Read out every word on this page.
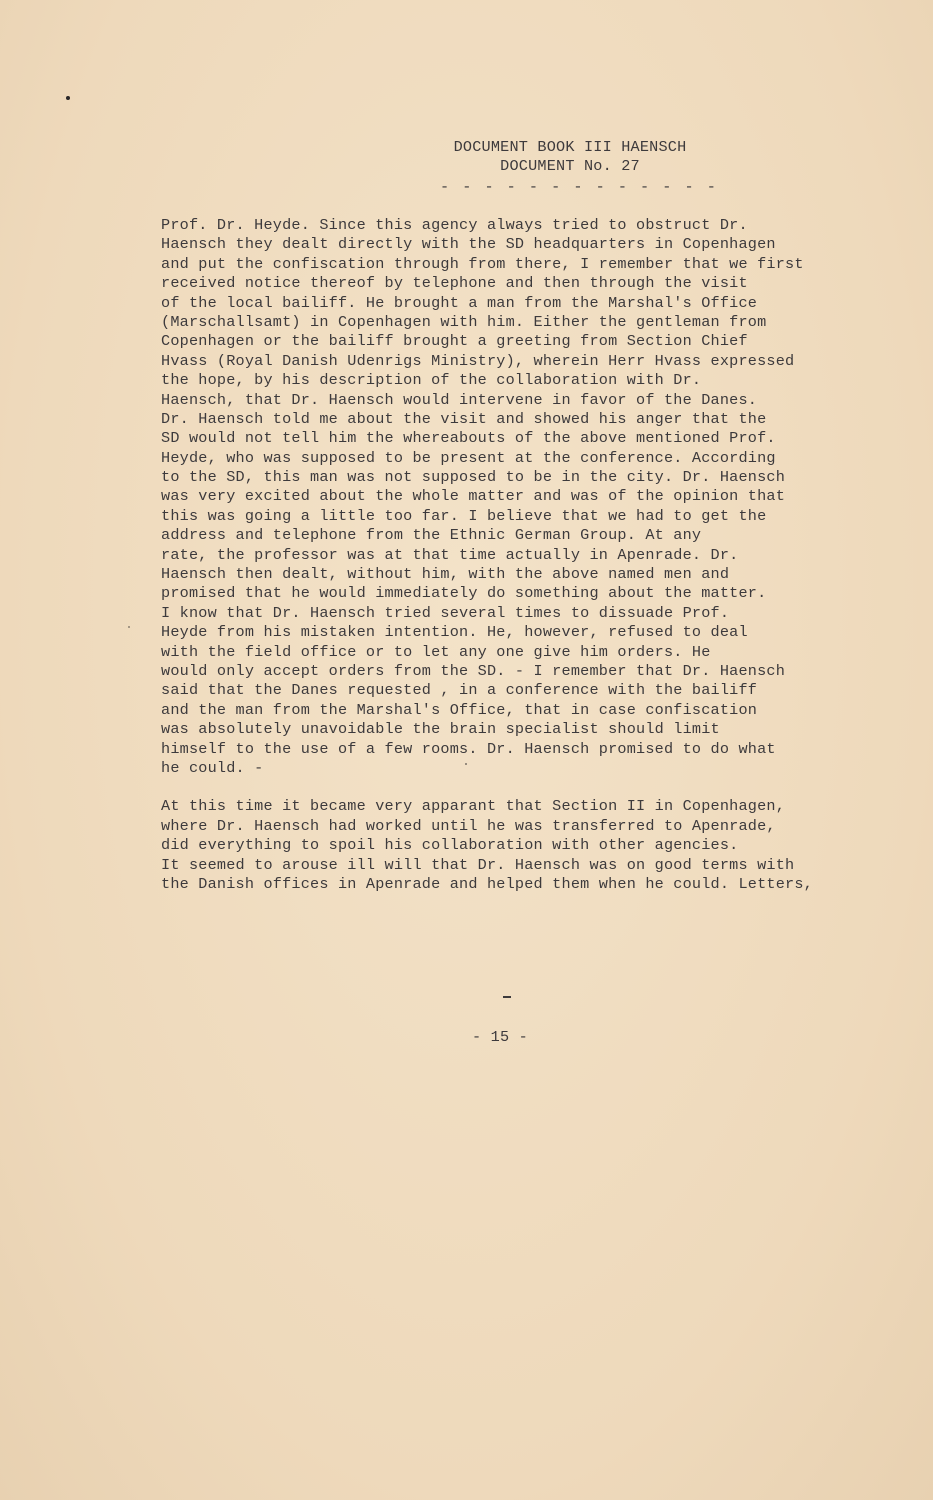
DOCUMENT BOOK III HAENSCH
DOCUMENT No. 27
- - - - - - - - - - - - -
Prof. Dr. Heyde. Since this agency always tried to obstruct Dr.
Haensch they dealt directly with the SD headquarters in Copenhagen
and put the confiscation through from there, I remember that we first
received notice thereof by telephone and then through the visit
of the local bailiff. He brought a man from the Marshal's Office
(Marschallsamt) in Copenhagen with him. Either the gentleman from
Copenhagen or the bailiff brought a greeting from Section Chief
Hvass (Royal Danish Udenrigs Ministry), wherein Herr Hvass expressed
the hope, by his description of the collaboration with Dr.
Haensch, that Dr. Haensch would intervene in favor of the Danes.
Dr. Haensch told me about the visit and showed his anger that the
SD would not tell him the whereabouts of the above mentioned Prof.
Heyde, who was supposed to be present at the conference. According
to the SD, this man was not supposed to be in the city. Dr. Haensch
was very excited about the whole matter and was of the opinion that
this was going a little too far. I believe that we had to get the
address and telephone from the Ethnic German Group. At any
rate, the professor was at that time actually in Apenrade. Dr.
Haensch then dealt, without him, with the above named men and
promised that he would immediately do something about the matter.
I know that Dr. Haensch tried several times to dissuade Prof.
Heyde from his mistaken intention. He, however, refused to deal
with the field office or to let any one give him orders. He
would only accept orders from the SD. - I remember that Dr. Haensch
said that the Danes requested , in a conference with the bailiff
and the man from the Marshal's Office, that in case confiscation
was absolutely unavoidable the brain specialist should limit
himself to the use of a few rooms. Dr. Haensch promised to do what
he could. -
At this time it became very apparant that Section II in Copenhagen,
where Dr. Haensch had worked until he was transferred to Apenrade,
did everything to spoil his collaboration with other agencies.
It seemed to arouse ill will that Dr. Haensch was on good terms with
the Danish offices in Apenrade and helped them when he could. Letters,
- 15 -
